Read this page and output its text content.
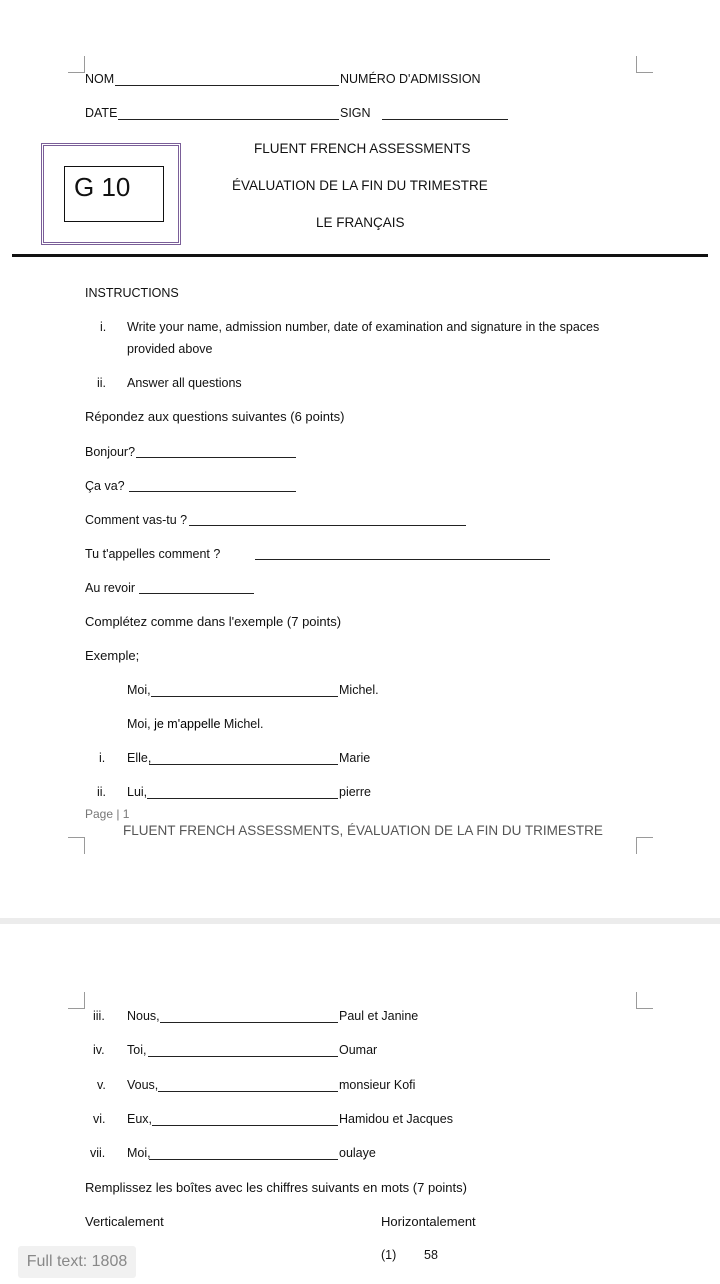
NOM	NUMÉRO D'ADMISSION
DATE	SIGN
G 10
FLUENT FRENCH ASSESSMENTS
ÉVALUATION DE LA FIN DU TRIMESTRE
LE FRANÇAIS
INSTRUCTIONS
i. Write your name, admission number, date of examination and signature in the spaces
provided above
ii. Answer all questions
Répondez aux questions suivantes (6 points)
Bonjour?
Ça va?
Comment vas-tu ?
Tu t'appelles comment ?
Au revoir
Complétez comme dans l'exemple (7 points)
Exemple;
Moi,	Michel.
Moi, je m'appelle Michel.
i. Elle,	Marie
ii. Lui,	pierre
Page | 1
FLUENT FRENCH ASSESSMENTS, ÉVALUATION DE LA FIN DU TRIMESTRE
iii. Nous,	Paul et Janine
iv. Toi,	Oumar
v. Vous,	monsieur Kofi
vi. Eux,	Hamidou et Jacques
vii. Moi,	oulaye
Remplissez les boîtes avec les chiffres suivants en mots (7 points)
Verticalement	Horizontalement
(1) 58
Full text: 1808
